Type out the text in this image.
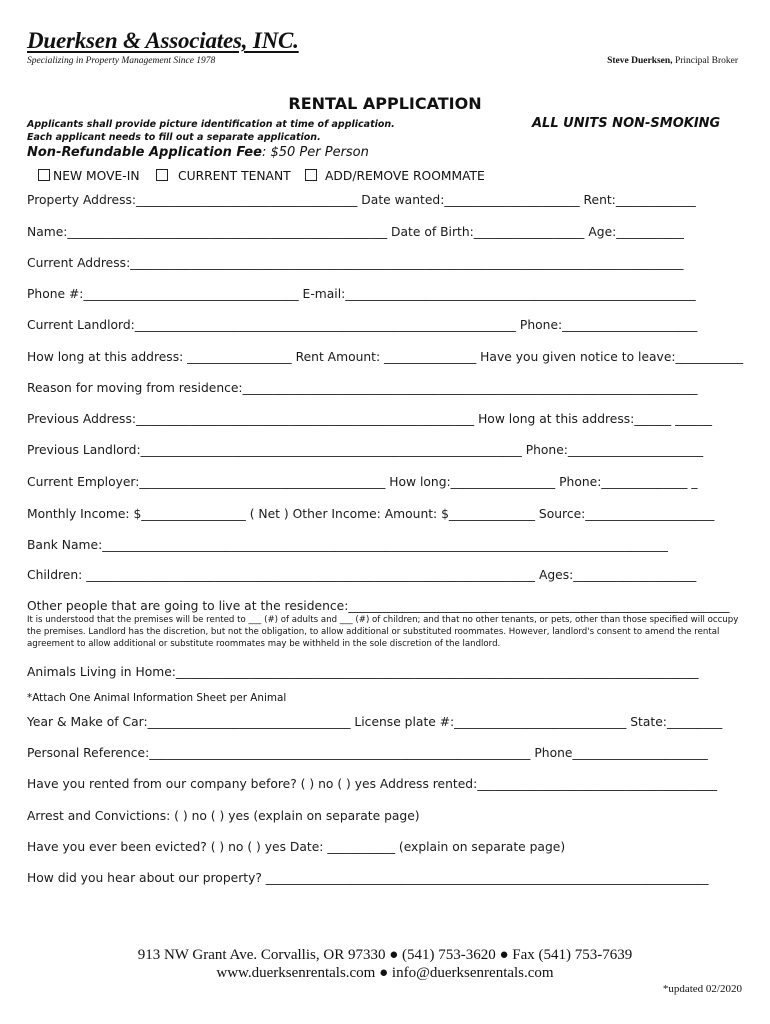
Duerksen & Associates, INC.
Specializing in Property Management Since 1978	Steve Duerksen, Principal Broker
RENTAL APPLICATION
Applicants shall provide picture identification at time of application.
Each applicant needs to fill out a separate application.
ALL UNITS NON-SMOKING
Non-Refundable Application Fee: $50 Per Person
NEW MOVE-IN	CURRENT TENANT	ADD/REMOVE ROOMMATE
Property Address:____________________________________ Date wanted:______________________ Rent:_____________
Name:____________________________________________________ Date of Birth:__________________ Age:___________
Current Address:__________________________________________________________________________________________
Phone #:___________________________________ E-mail:_________________________________________________________
Current Landlord:______________________________________________________________ Phone:______________________
How long at this address: _________________ Rent Amount: _______________ Have you given notice to leave:___________
Reason for moving from residence:__________________________________________________________________________
Previous Address:_______________________________________________________ How long at this address:______ ______
Previous Landlord:______________________________________________________________ Phone:______________________
Current Employer:________________________________________ How long:_________________ Phone:______________ _
Monthly Income: $_________________ ( Net ) Other Income: Amount: $______________ Source:_____________________
Bank Name:____________________________________________________________________________________________
Children: _________________________________________________________________________ Ages:____________________
Other people that are going to live at the residence:______________________________________________________________
It is understood that the premises will be rented to ___ (#) of adults and ___ (#) of children; and that no other tenants, or pets, other than those specified will occupy the premises. Landlord has the discretion, but not the obligation, to allow additional or substituted roommates. However, landlord's consent to amend the rental agreement to allow additional or substitute roommates may be withheld in the sole discretion of the landlord.
Animals Living in Home:_____________________________________________________________________________________
*Attach One Animal Information Sheet per Animal
Year & Make of Car:_________________________________ License plate #:____________________________ State:_________
Personal Reference:______________________________________________________________ Phone______________________
Have you rented from our company before? ( ) no ( ) yes Address rented:_______________________________________
Arrest and Convictions: ( ) no ( ) yes (explain on separate page)
Have you ever been evicted? ( ) no ( ) yes Date: ___________ (explain on separate page)
How did you hear about our property? ________________________________________________________________________
913 NW Grant Ave. Corvallis, OR 97330 ● (541) 753-3620 ● Fax (541) 753-7639
www.duerksenrentals.com ● info@duerksenrentals.com
*updated 02/2020
